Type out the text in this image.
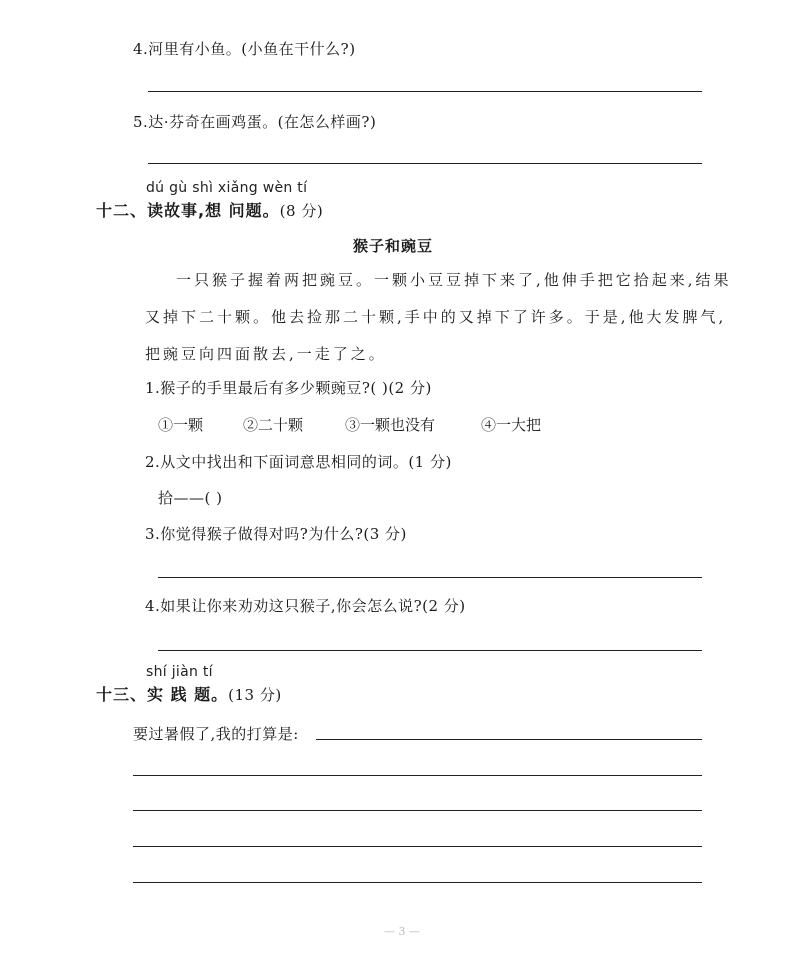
4.河里有小鱼。(小鱼在干什么?)
5.达·芬奇在画鸡蛋。(在怎么样画?)
dú gù shì xiǎng wèn tí
十二、读故事,想 问题。(8 分)
猴子和豌豆
一只猴子握着两把豌豆。一颗小豆豆掉下来了,他伸手把它拾起来,结果
又掉下二十颗。他去捡那二十颗,手中的又掉下了许多。于是,他大发脾气,
把豌豆向四面散去,一走了之。
1.猴子的手里最后有多少颗豌豆?( )(2 分)
①一颗	②二十颗	③一颗也没有	④一大把
2.从文中找出和下面词意思相同的词。(1 分)
拾——( )
3.你觉得猴子做得对吗?为什么?(3 分)
4.如果让你来劝劝这只猴子,你会怎么说?(2 分)
shí jiàn tí
十三、实 践 题。(13 分)
要过暑假了,我的打算是:
— 3 —
